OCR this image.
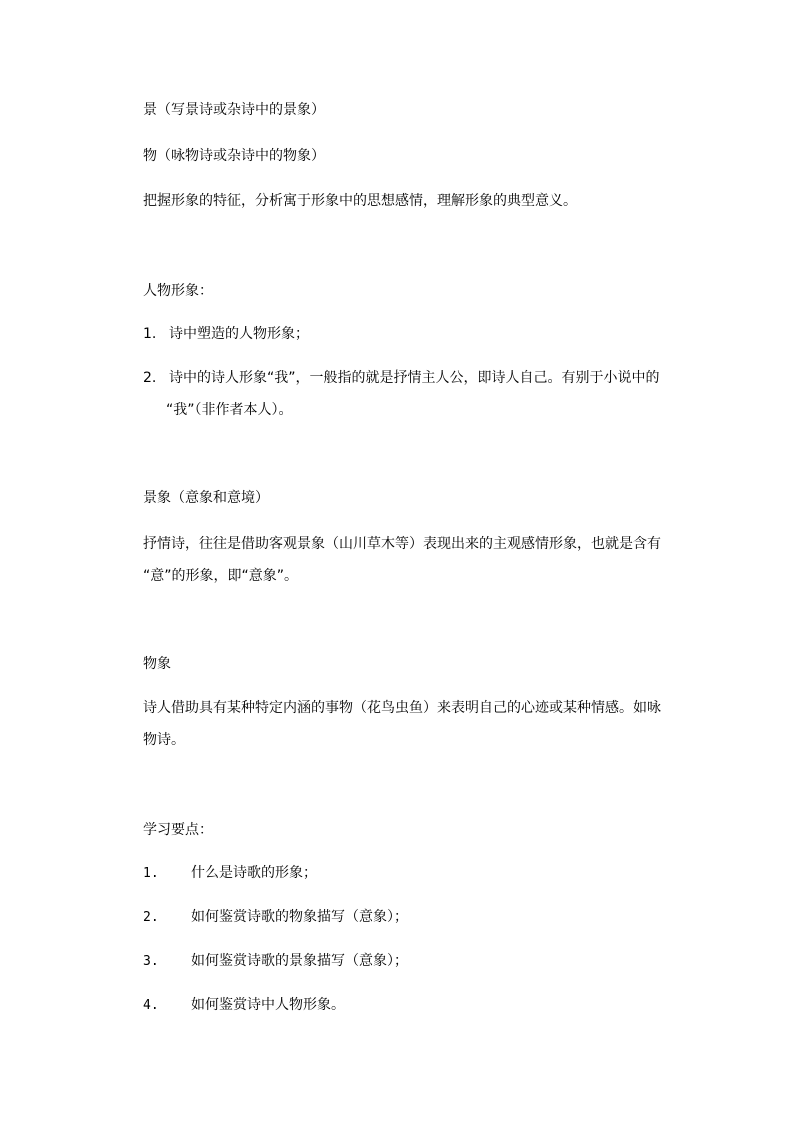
景（写景诗或杂诗中的景象）
物（咏物诗或杂诗中的物象）
把握形象的特征，分析寓于形象中的思想感情，理解形象的典型意义。
人物形象：
1. 诗中塑造的人物形象；
2. 诗中的诗人形象“我”，一般指的就是抒情主人公，即诗人自己。有别于小说中的
“我”（非作者本人）。
景象（意象和意境）
抒情诗，往往是借助客观景象（山川草木等）表现出来的主观感情形象，也就是含有
“意”的形象，即“意象”。
物象
诗人借助具有某种特定内涵的事物（花鸟虫鱼）来表明自己的心迹或某种情感。如咏
物诗。
学习要点：
1. 什么是诗歌的形象；
2. 如何鉴赏诗歌的物象描写（意象）；
3. 如何鉴赏诗歌的景象描写（意象）；
4. 如何鉴赏诗中人物形象。
